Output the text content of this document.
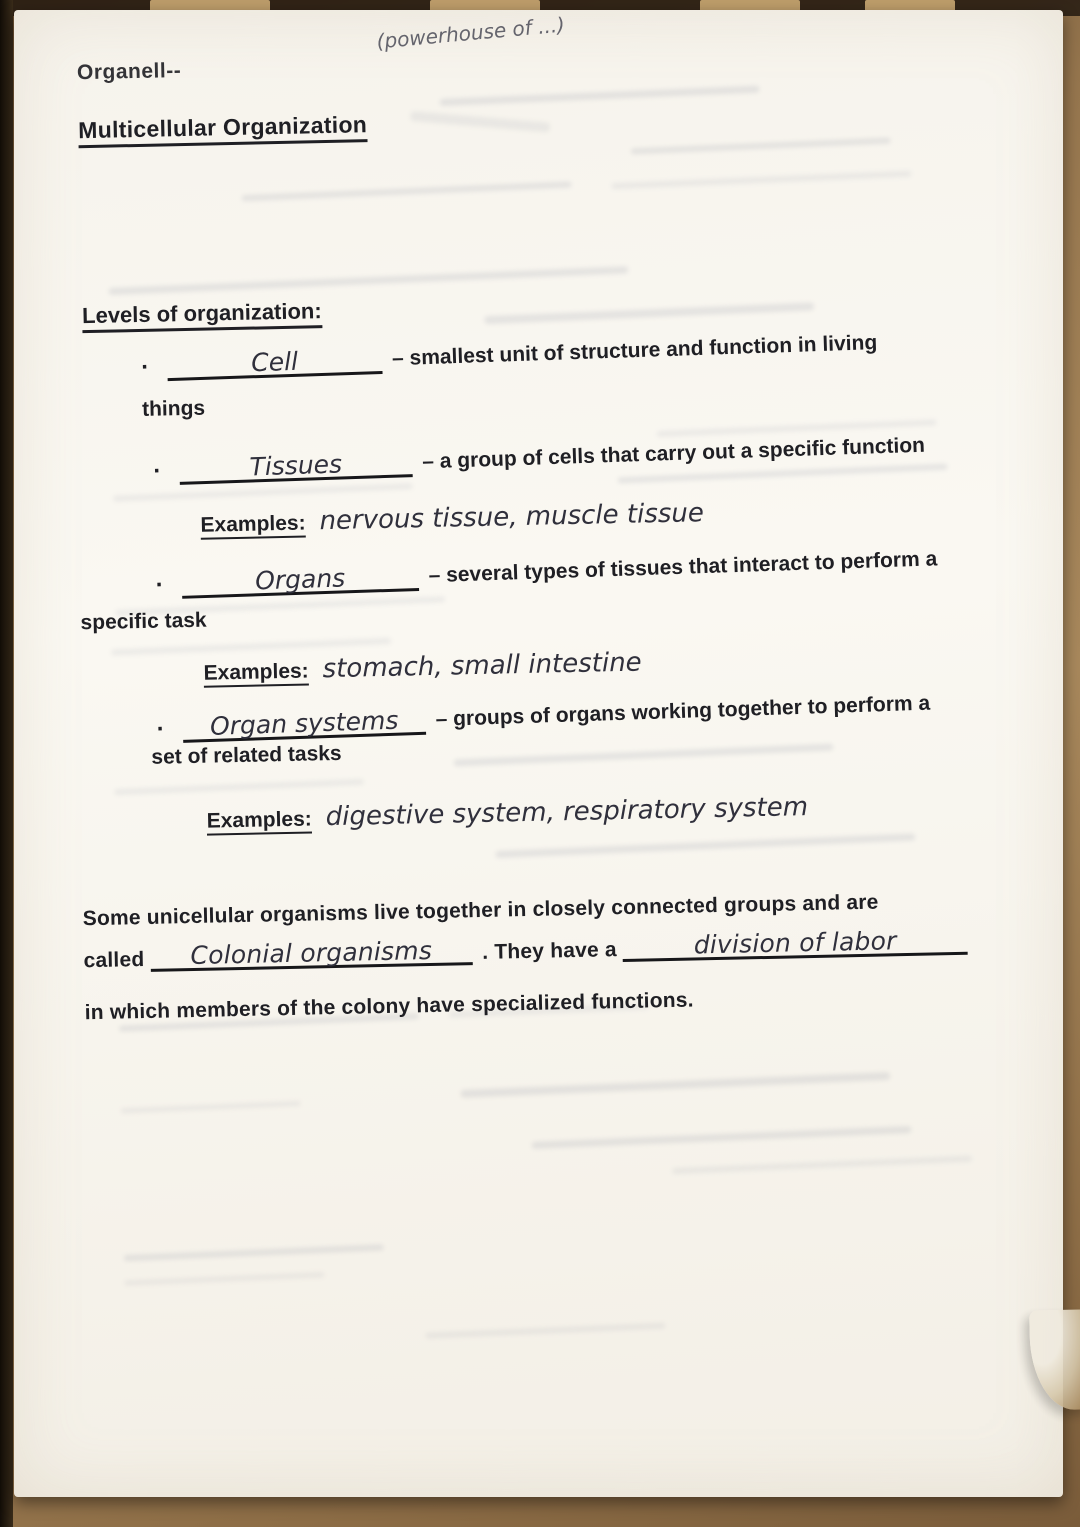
Organell--
(powerhouse of ...)
Multicellular Organization
Levels of organization:
·	Cell	– smallest unit of structure and function in living
things
·	Tissues	– a group of cells that carry out a specific function
Examples: nervous tissue, muscle tissue
·	Organs	– several types of tissues that interact to perform a
specific task
Examples: stomach, small intestine
· Organ systems – groups of organs working together to perform a
set of related tasks
Examples: digestive system, respiratory system
Some unicellular organisms live together in closely connected groups and are
called Colonial organisms . They have a	division of labor
in which members of the colony have specialized functions.
